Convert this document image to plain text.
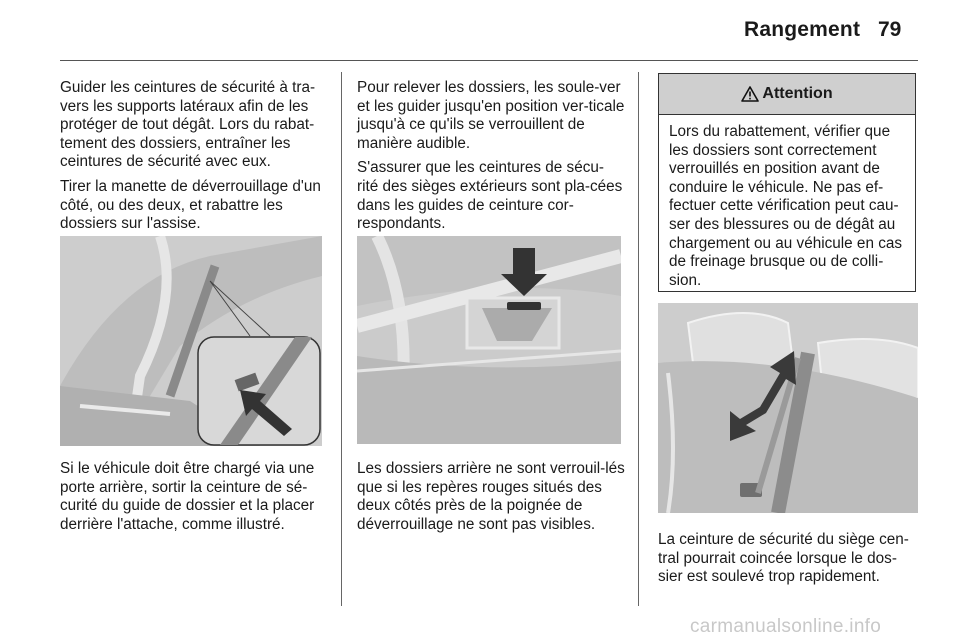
Rangement 79

Guider les ceintures de sécurité à tra-vers les supports latéraux afin de les protéger de tout dégât. Lors du rabat-tement des dossiers, entraîner les ceintures de sécurité avec eux.

Tirer la manette de déverrouillage d'un côté, ou des deux, et rabattre les dossiers sur l'assise.

Si le véhicule doit être chargé via une porte arrière, sortir la ceinture de sé-curité du guide de dossier et la placer derrière l'attache, comme illustré.

Pour relever les dossiers, les soule-ver et les guider jusqu'en position ver-ticale jusqu'à ce qu'ils se verrouillent de manière audible.

S'assurer que les ceintures de sécu-rité des sièges extérieurs sont pla-cées dans les guides de ceinture cor-respondants.

Les dossiers arrière ne sont verrouil-lés que si les repères rouges situés des deux côtés près de la poignée de déverrouillage ne sont pas visibles.

Attention
Lors du rabattement, vérifier que les dossiers sont correctement verrouillés en position avant de conduire le véhicule. Ne pas ef-fectuer cette vérification peut cau-ser des blessures ou de dégât au chargement ou au véhicule en cas de freinage brusque ou de colli-sion.

La ceinture de sécurité du siège cen-tral pourrait coincée lorsque le dos-sier est soulevé trop rapidement.

carmanualsonline.info
